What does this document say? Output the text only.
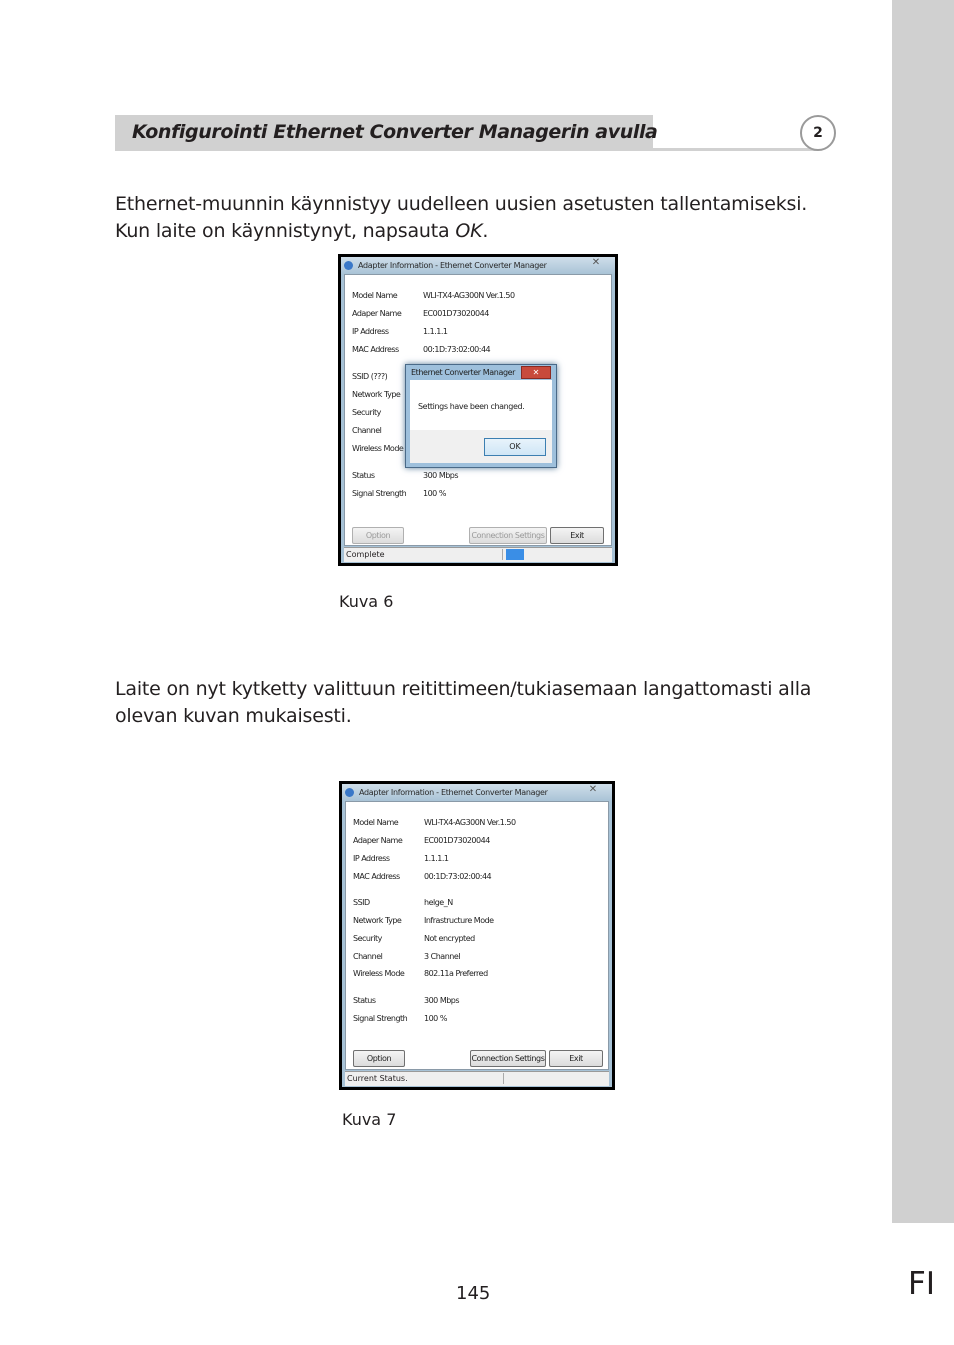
FI
Konfigurointi Ethernet Converter Managerin avulla	2
Ethernet-muunnin käynnistyy uudelleen uusien asetusten tallentamiseksi.
Kun laite on käynnistynyt, napsauta OK.
Adapter Information - Ethernet Converter Manager	✕
Model Name	WLI-TX4-AG300N Ver.1.50
Adaper Name	EC001D73020044
IP Address	1.1.1.1
MAC Address	00:1D:73:02:00:44
SSID (???)
Network Type
Security
Channel
Wireless Mode
Status	300 Mbps
Signal Strength 100 %
Option	Connection Settings	Exit
Complete
Ethernet Converter Manager	✕
Settings have been changed.
OK
Kuva 6
Laite on nyt kytketty valittuun reitittimeen/tukiasemaan langattomasti alla
olevan kuvan mukaisesti.
Adapter Information - Ethernet Converter Manager	✕
Model Name	WLI-TX4-AG300N Ver.1.50
Adaper Name	EC001D73020044
IP Address	1.1.1.1
MAC Address	00:1D:73:02:00:44
SSID	helge_N
Network Type	Infrastructure Mode
Security	Not encrypted
Channel	3 Channel
Wireless Mode 802.11a Preferred
Status	300 Mbps
Signal Strength 100 %
Option	Connection Settings	Exit
Current Status.
Kuva 7
145
